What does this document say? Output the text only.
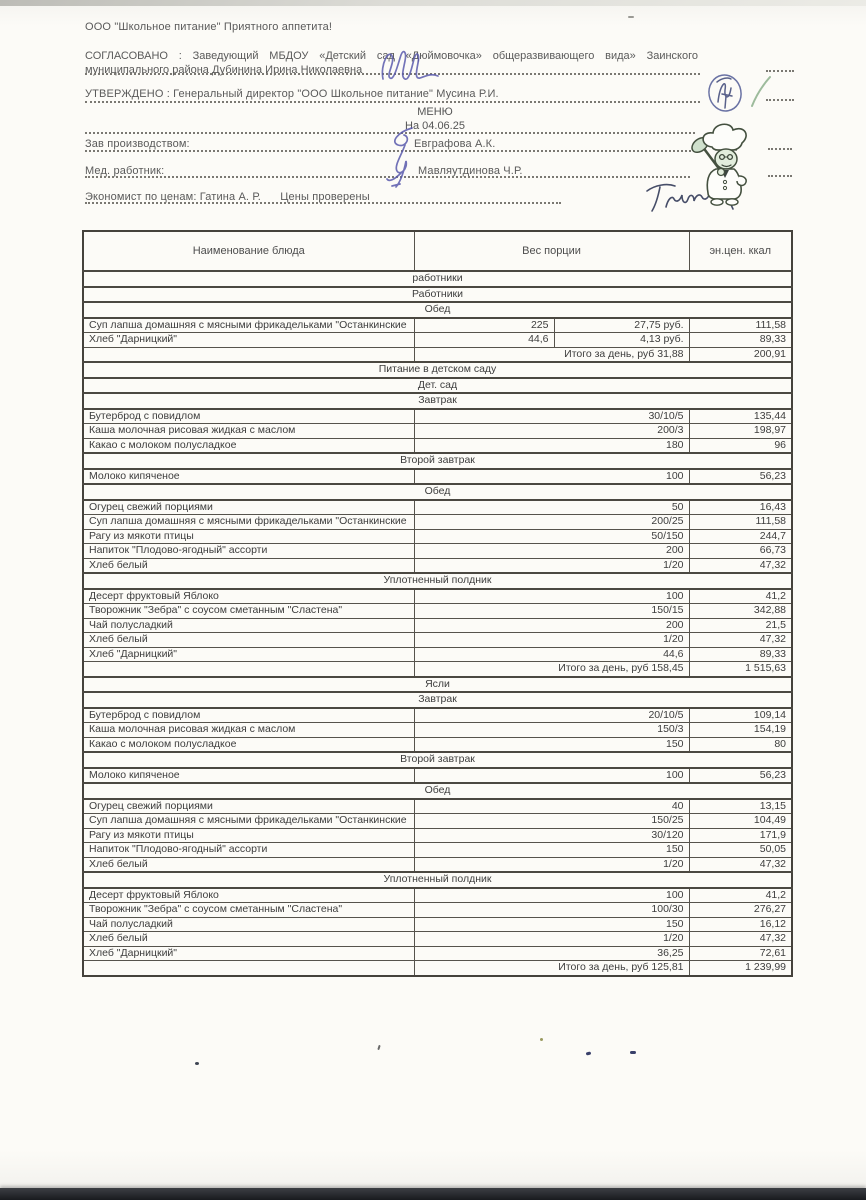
ООО "Школьное питание" Приятного аппетита!
СОГЛАСОВАНО : Заведующий МБДОУ «Детский сад «Дюймовочка» общеразвивающего вида» Заинского
муниципального района Дубинина Ирина Николаевна
УТВЕРЖДЕНО : Генеральный директор "ООО Школьное питание" Мусина Р.И.
МЕНЮ
На 04.06.25
Зав производством:	Евграфова А.К.
Мед. работник:	Мавляутдинова Ч.Р.
Экономист по ценам: Гатина А. Р. Цены проверены
Наименование блюда	Вес порции		эн.цен. ккал
работники			
Работники			
Обед			
Суп лапша домашняя с мясными фрикадельками "Останкинские	225	27,75 руб.	111,58
Хлеб "Дарницкий"	44,6	4,13 руб.	89,33
	Итого за день, руб 31,88		200,91
Питание в детском саду			
Дет. сад			
Завтрак			
Бутерброд с повидлом	30/10/5		135,44
Каша молочная рисовая жидкая с маслом	200/3		198,97
Какао с молоком полусладкое	180		96
Второй завтрак			
Молоко кипяченое	100		56,23
Обед			
Огурец свежий порциями	50		16,43
Суп лапша домашняя с мясными фрикадельками "Останкинские	200/25		111,58
Рагу из мякоти птицы	50/150		244,7
Напиток "Плодово-ягодный" ассорти	200		66,73
Хлеб белый	1/20		47,32
Уплотненный полдник			
Десерт фруктовый Яблоко	100		41,2
Творожник "Зебра" с соусом сметанным "Сластена"	150/15		342,88
Чай полусладкий	200		21,5
Хлеб белый	1/20		47,32
Хлеб "Дарницкий"	44,6		89,33
	Итого за день, руб 158,45		1 515,63
Ясли			
Завтрак			
Бутерброд с повидлом	20/10/5		109,14
Каша молочная рисовая жидкая с маслом	150/3		154,19
Какао с молоком полусладкое	150		80
Второй завтрак			
Молоко кипяченое	100		56,23
Обед			
Огурец свежий порциями	40		13,15
Суп лапша домашняя с мясными фрикадельками "Останкинские	150/25		104,49
Рагу из мякоти птицы	30/120		171,9
Напиток "Плодово-ягодный" ассорти	150		50,05
Хлеб белый	1/20		47,32
Уплотненный полдник			
Десерт фруктовый Яблоко	100		41,2
Творожник "Зебра" с соусом сметанным "Сластена"	100/30		276,27
Чай полусладкий	150		16,12
Хлеб белый	1/20		47,32
Хлеб "Дарницкий"	36,25		72,61
	Итого за день, руб 125,81		1 239,99
